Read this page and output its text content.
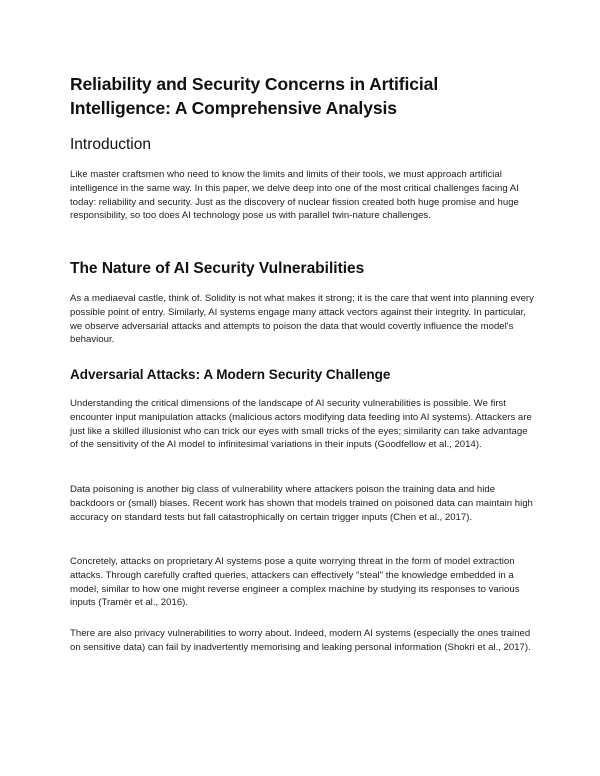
Reliability and Security Concerns in Artificial Intelligence: A Comprehensive Analysis
Introduction

Like master craftsmen who need to know the limits and limits of their tools, we must approach artificial intelligence in the same way. In this paper, we delve deep into one of the most critical challenges facing AI today: reliability and security. Just as the discovery of nuclear fission created both huge promise and huge responsibility, so too does AI technology pose us with parallel twin-nature challenges.

The Nature of AI Security Vulnerabilities

As a mediaeval castle, think of. Solidity is not what makes it strong; it is the care that went into planning every possible point of entry. Similarly, AI systems engage many attack vectors against their integrity. In particular, we observe adversarial attacks and attempts to poison the data that would covertly influence the model's behaviour.

Adversarial Attacks: A Modern Security Challenge

Understanding the critical dimensions of the landscape of AI security vulnerabilities is possible. We first encounter input manipulation attacks (malicious actors modifying data feeding into AI systems). Attackers are just like a skilled illusionist who can trick our eyes with small tricks of the eyes; similarity can take advantage of the sensitivity of the AI model to infinitesimal variations in their inputs (Goodfellow et al., 2014).

Data poisoning is another big class of vulnerability where attackers poison the training data and hide backdoors or (small) biases. Recent work has shown that models trained on poisoned data can maintain high accuracy on standard tests but fall catastrophically on certain trigger inputs (Chen et al., 2017).

Concretely, attacks on proprietary AI systems pose a quite worrying threat in the form of model extraction attacks. Through carefully crafted queries, attackers can effectively "steal" the knowledge embedded in a model, similar to how one might reverse engineer a complex machine by studying its responses to various inputs (Tramèr et al., 2016).

There are also privacy vulnerabilities to worry about. Indeed, modern AI systems (especially the ones trained on sensitive data) can fail by inadvertently memorising and leaking personal information (Shokri et al., 2017).
